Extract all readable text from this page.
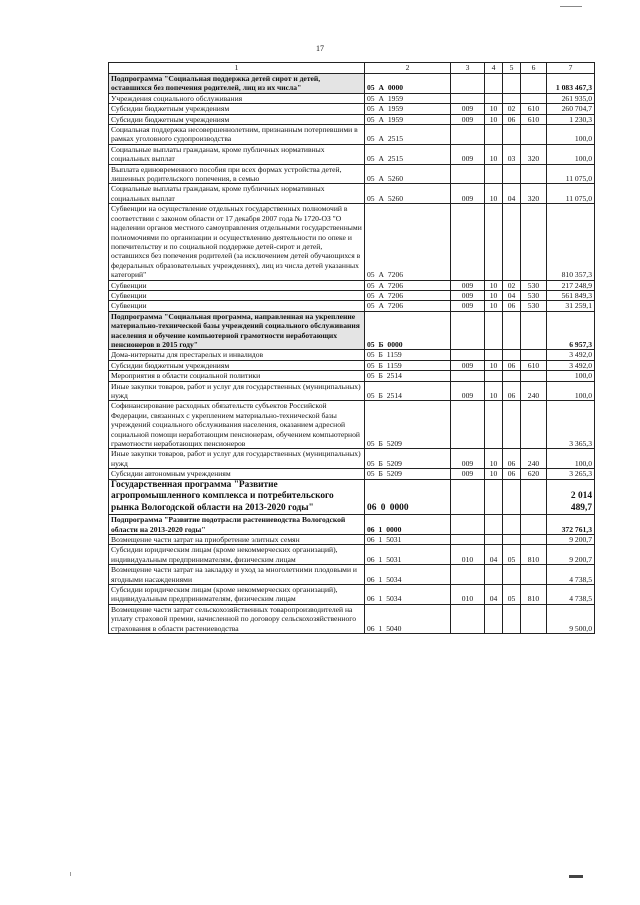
17
1	2	3	4	5	6	7
Подпрограмма "Социальная поддержка детей сирот и детей, оставшихся без попечения родителей, лиц из их числа"	05 А 0000					1 083 467,3
Учреждения социального обслуживания	05 А 1959					261 935,0
Субсидии бюджетным учреждениям	05 А 1959	009	10	02	610	260 704,7
Субсидии бюджетным учреждениям	05 А 1959	009	10	06	610	1 230,3
Социальная поддержка несовершеннолетним, признанным потерпевшими в рамках уголовного судопроизводства	05 А 2515					100,0
Социальные выплаты гражданам, кроме публичных нормативных социальных выплат	05 А 2515	009	10	03	320	100,0
Выплата единовременного пособия при всех формах устройства детей, лишенных родительского попечения, в семью	05 А 5260					11 075,0
Социальные выплаты гражданам, кроме публичных нормативных социальных выплат	05 А 5260	009	10	04	320	11 075,0
Субвенции на осуществление отдельных государственных полномочий в соответствии с законом области от 17 декабря 2007 года № 1720-ОЗ "О наделении органов местного самоуправления отдельными государственными полномочиями по организации и осуществлению деятельности по опеке и попечительству и по социальной поддержке детей-сирот и детей, оставшихся без попечения родителей (за исключением детей обучающихся в федеральных образовательных учреждениях), лиц из числа детей указанных категорий"	05 А 7206					810 357,3
Субвенции	05 А 7206	009	10	02	530	217 248,9
Субвенции	05 А 7206	009	10	04	530	561 849,3
Субвенции	05 А 7206	009	10	06	530	31 259,1
Подпрограмма "Социальная программа, направленная на укрепление материально-технической базы учреждений социального обслуживания населения и обучение компьютерной грамотности неработающих пенсионеров в 2015 году"	05 Б 0000					6 957,3
Дома-интернаты для престарелых и инвалидов	05 Б 1159					3 492,0
Субсидии бюджетным учреждениям	05 Б 1159	009	10	06	610	3 492,0
Мероприятия в области социальной политики	05 Б 2514					100,0
Иные закупки товаров, работ и услуг для государственных (муниципальных) нужд	05 Б 2514	009	10	06	240	100,0
Софинансирование расходных обязательств субъектов Российской Федерации, связанных с укреплением материально-технической базы учреждений социального обслуживания населения, оказанием адресной социальной помощи неработающим пенсионерам, обучением компьютерной грамотности неработающих пенсионеров	05 Б 5209					3 365,3
Иные закупки товаров, работ и услуг для государственных (муниципальных) нужд	05 Б 5209	009	10	06	240	100,0
Субсидии автономным учреждениям	05 Б 5209	009	10	06	620	3 265,3
Государственная программа "Развитие агропромышленного комплекса и потребительского рынка Вологодской области на 2013-2020 годы"	06 0 0000					2 014 489,7
Подпрограмма "Развитие подотрасли растениеводства Вологодской области на 2013-2020 годы"	06 1 0000					372 761,3
Возмещение части затрат на приобретение элитных семян	06 1 5031					9 200,7
Субсидии юридическим лицам (кроме некоммерческих организаций), индивидуальным предпринимателям, физическим лицам	06 1 5031	010	04	05	810	9 200,7
Возмещение части затрат на закладку и уход за многолетними плодовыми и ягодными насаждениями	06 1 5034					4 738,5
Субсидии юридическим лицам (кроме некоммерческих организаций), индивидуальным предпринимателям, физическим лицам	06 1 5034	010	04	05	810	4 738,5
Возмещение части затрат сельскохозяйственных товаропроизводителей на уплату страховой премии, начисленной по договору сельскохозяйственного страхования в области растениеводства	06 1 5040					9 500,0
